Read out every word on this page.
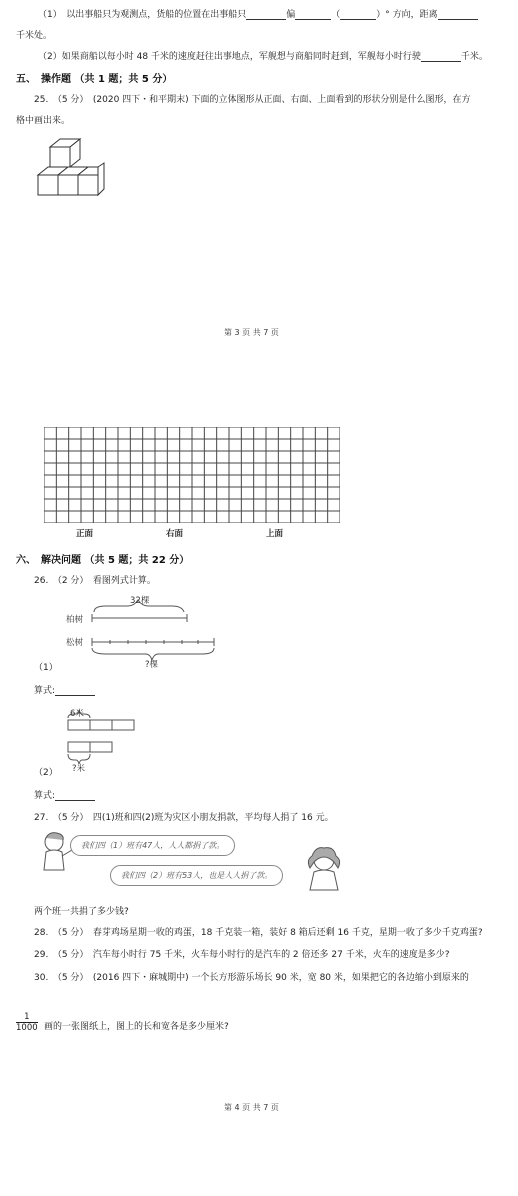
（1）　以出事船只为观测点，货船的位置在出事船只	偏	（	）° 方向，距离
千米处。
（2）如果商船以每小时 48 千米的速度赶往出事地点，军舰想与商船同时赶到，军舰每小时行驶	千米。
五、　操作题 （共 1 题；共 5 分）
25.　（5 分）　(2020 四下・和平期末) 下面的立体图形从正面、右面、上面看到的形状分别是什么图形，在方
格中画出来。
第 3 页 共 7 页
正面	右面	上面
六、　解决问题 （共 5 题；共 22 分）
26.　（2 分）　看图列式计算。
32棵
柏树
松树
?棵
（1）
算式:
6米
?米
（2）
算式:
27.　（5 分）　四(1)班和四(2)班为灾区小朋友捐款，平均每人捐了 16 元。
我们四（1）班有47人，人人都捐了款。
我们四（2）班有53人，也是人人捐了款。
两个班一共捐了多少钱?
28.　（5 分）　春芽鸡场星期一收的鸡蛋，18 千克装一箱，装好 8 箱后还剩 16 千克，星期一收了多少千克鸡蛋?
29.　（5 分）　汽车每小时行 75 千米，火车每小时行的是汽车的 2 倍还多 27 千米，火车的速度是多少?
30.　（5 分）　(2016 四下・麻城期中) 一个长方形游乐场长 90 米，宽 80 米，如果把它的各边缩小到原来的
$\frac{1}{1000}$ 画的一张图纸上，图上的长和宽各是多少厘米?
第 4 页 共 7 页
